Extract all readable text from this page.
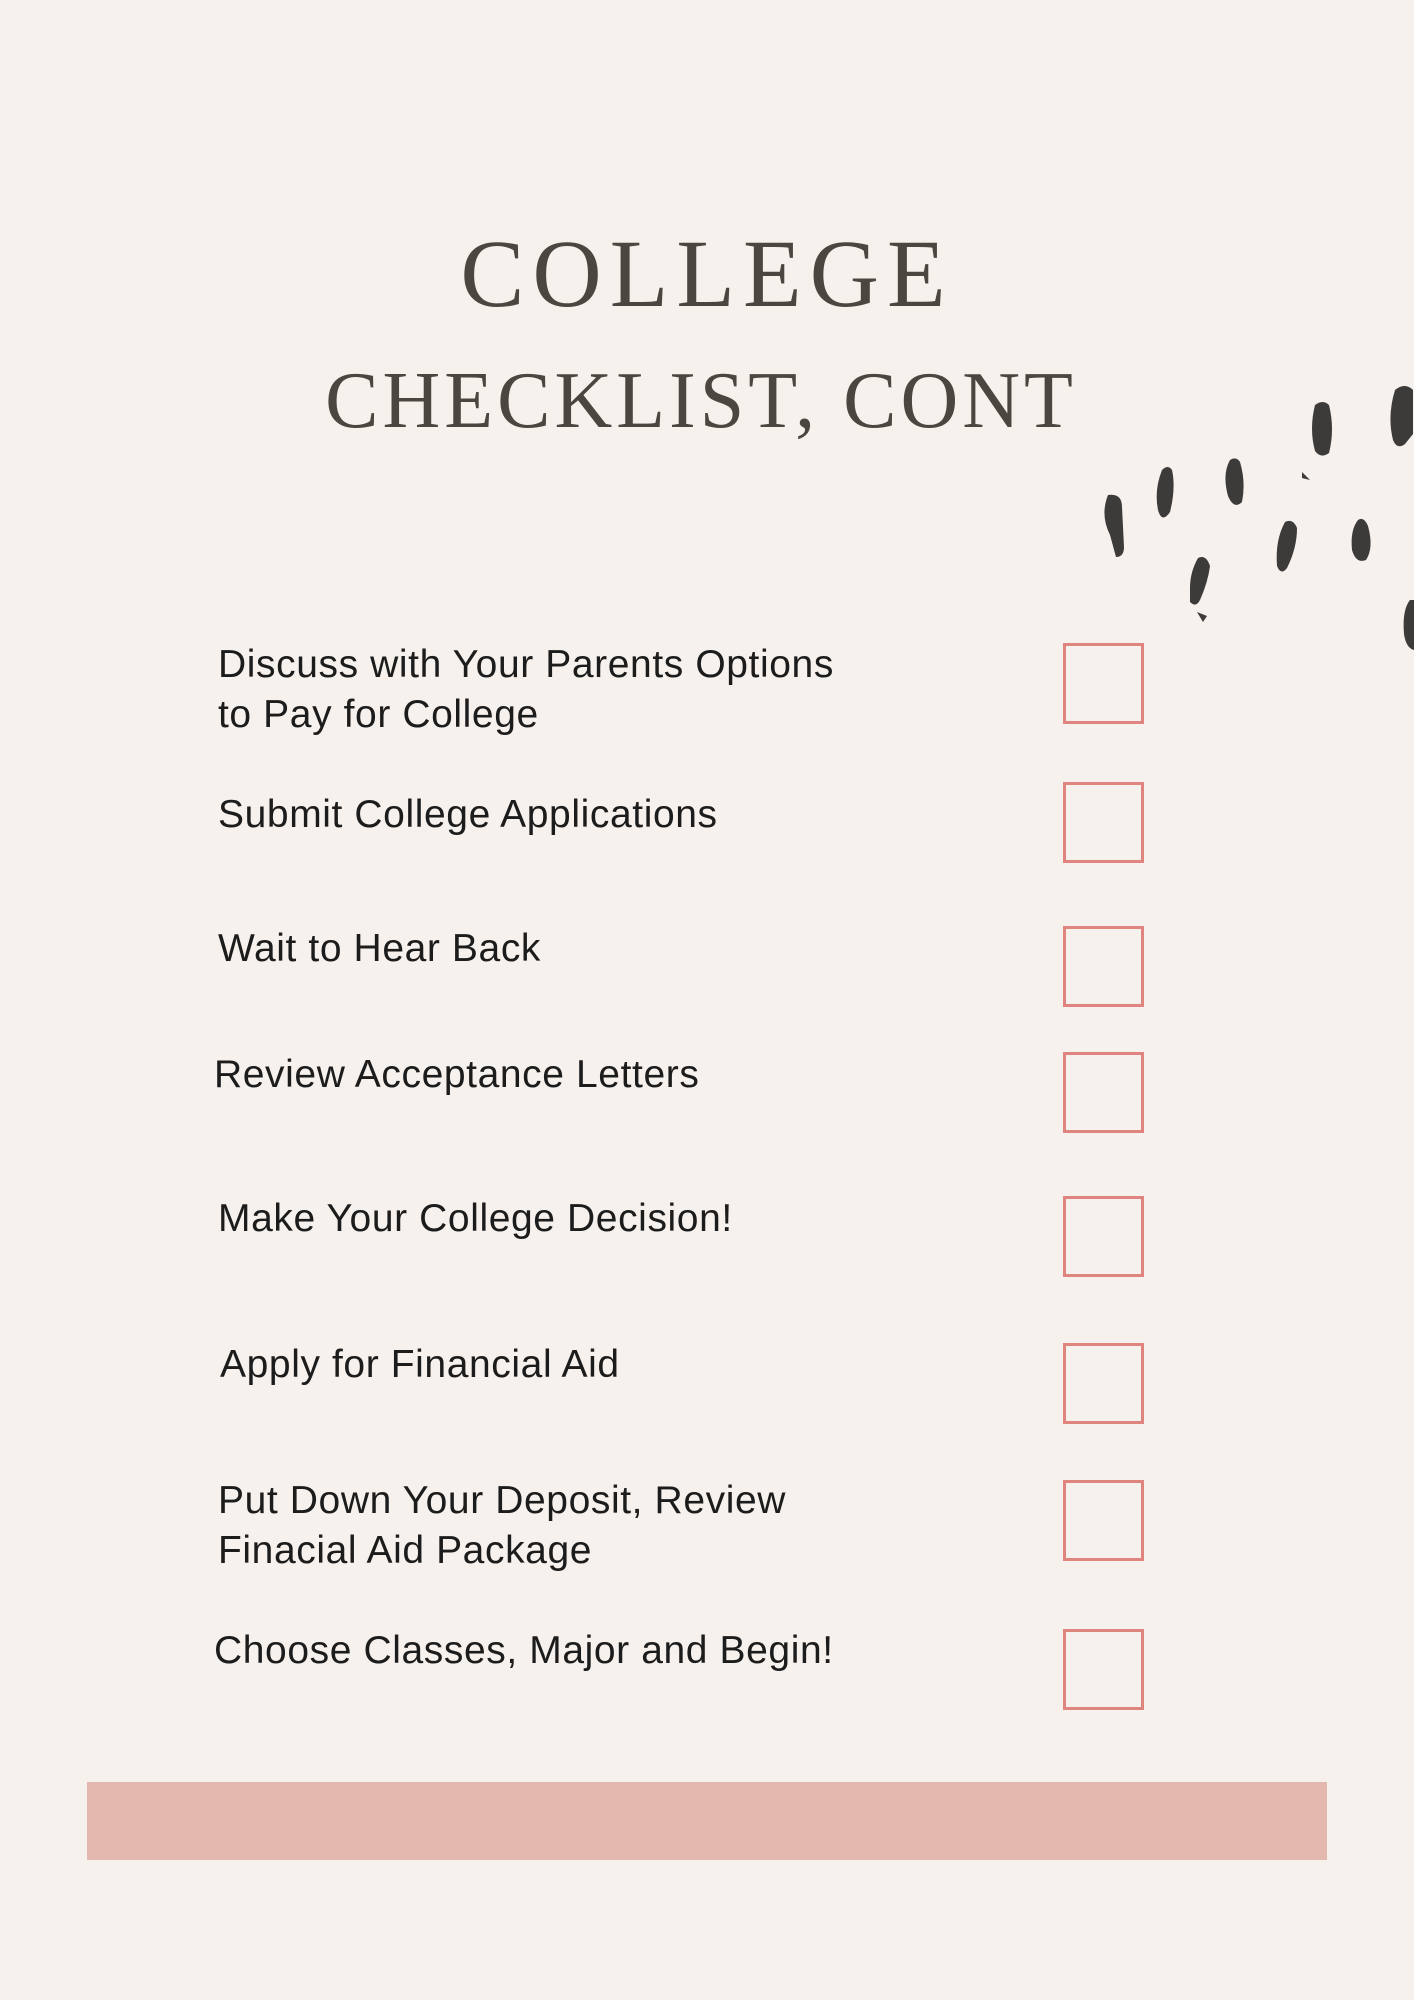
COLLEGE
CHECKLIST, CONT
Discuss with Your Parents Options
to Pay for College
Submit College Applications
Wait to Hear Back
Review Acceptance Letters
Make Your College Decision!
Apply for Financial Aid
Put Down Your Deposit, Review
Finacial Aid Package
Choose Classes, Major and Begin!
